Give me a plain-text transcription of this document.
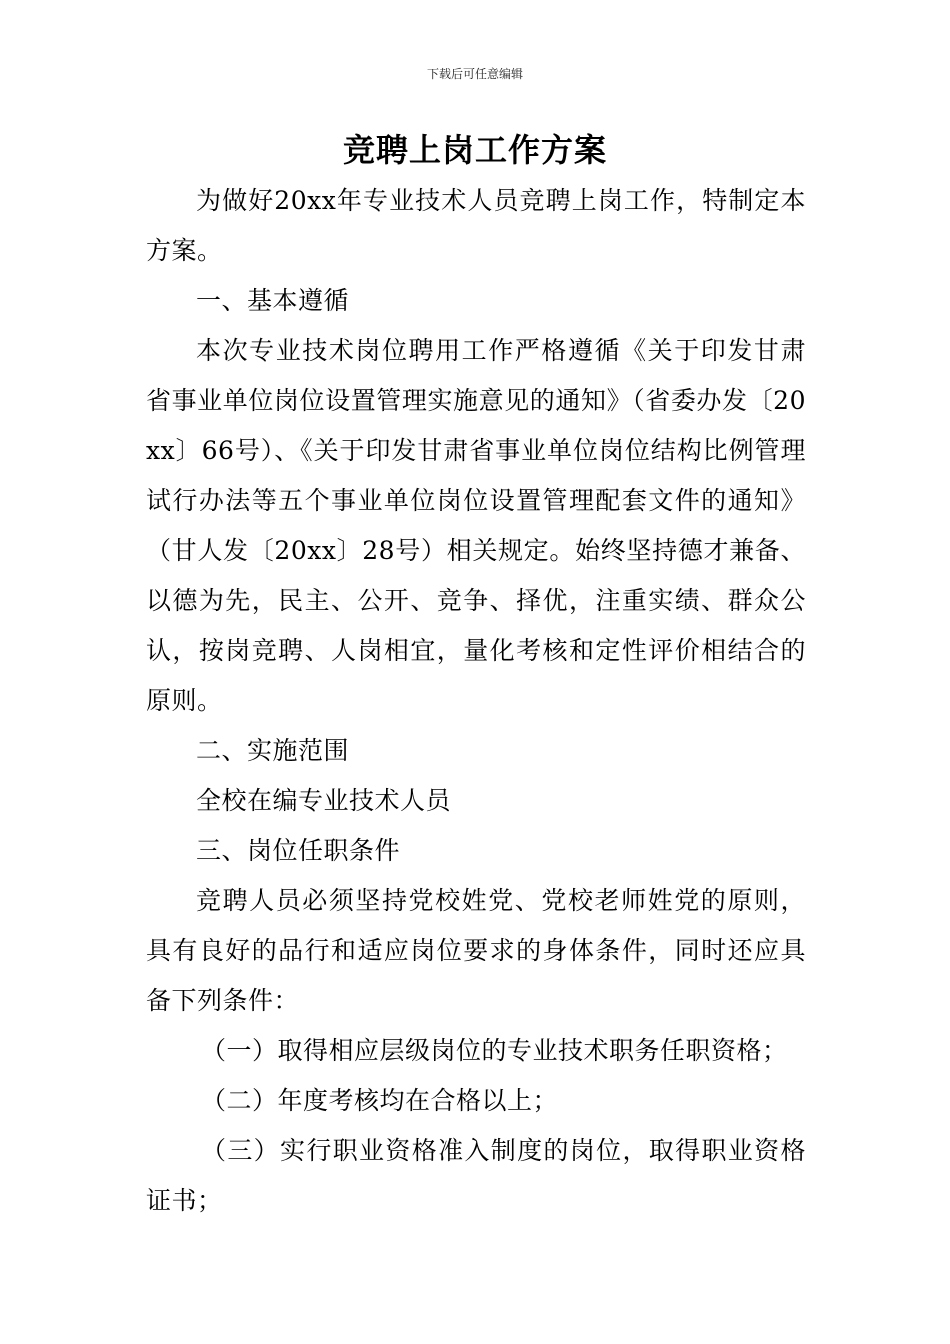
下载后可任意编辑
竞聘上岗工作方案

为做好20xx年专业技术人员竞聘上岗工作，特制定本方案。

一、基本遵循

本次专业技术岗位聘用工作严格遵循《关于印发甘肃省事业单位岗位设置管理实施意见的通知》（省委办发〔20xx〕66号）、《关于印发甘肃省事业单位岗位结构比例管理试行办法等五个事业单位岗位设置管理配套文件的通知》（甘人发〔20xx〕28号）相关规定。始终坚持德才兼备、以德为先，民主、公开、竞争、择优，注重实绩、群众公认，按岗竞聘、人岗相宜，量化考核和定性评价相结合的原则。

二、实施范围

全校在编专业技术人员

三、岗位任职条件

竞聘人员必须坚持党校姓党、党校老师姓党的原则，具有良好的品行和适应岗位要求的身体条件，同时还应具备下列条件：

（一）取得相应层级岗位的专业技术职务任职资格；

（二）年度考核均在合格以上；

（三）实行职业资格准入制度的岗位，取得职业资格证书；
